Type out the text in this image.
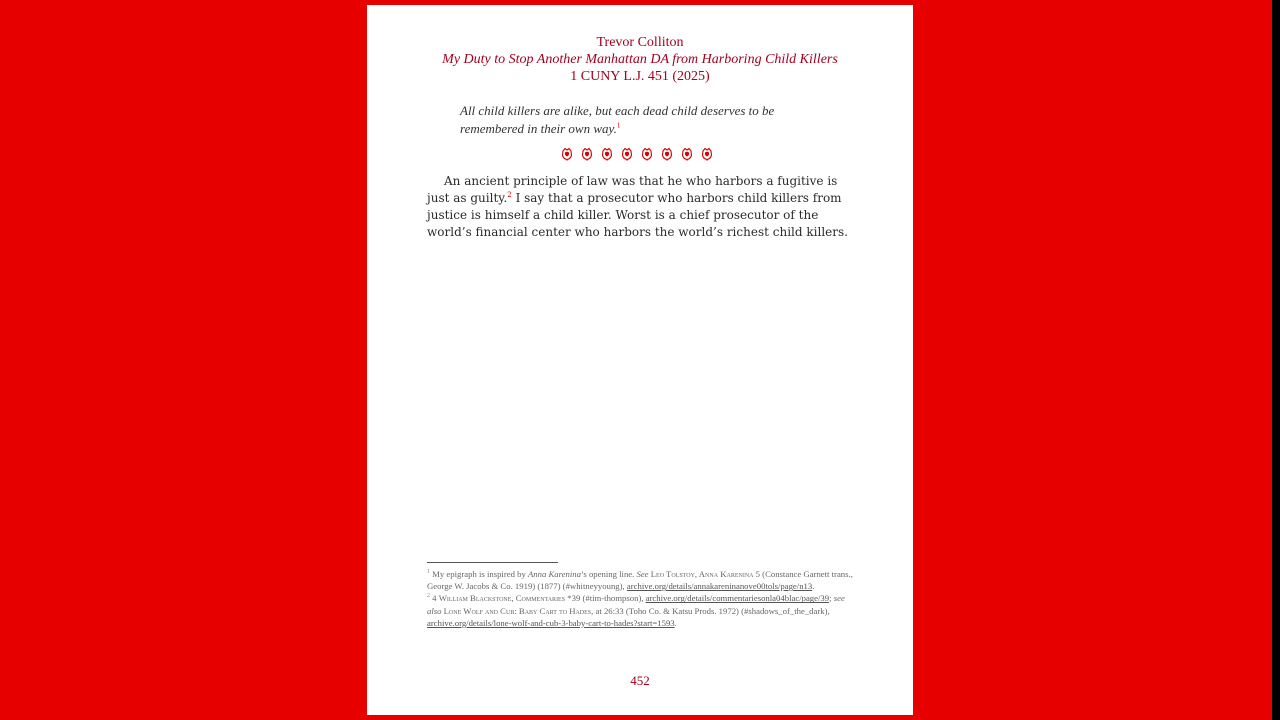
Trevor Colliton
My Duty to Stop Another Manhattan DA from Harboring Child Killers
1 CUNY L.J. 451 (2025)
All child killers are alike, but each dead child deserves to be
remembered in their own way.$^1$
An ancient principle of law was that he who harbors a fugitive is just as guilty.$^2$ I say that a prosecutor who harbors child killers from justice is himself a child killer. Worst is a chief prosecutor of the world’s financial center who harbors the world’s richest child killers.

$^1$ My epigraph is inspired by Anna Karenina’s opening line. See Leo Tolstoy, Anna Karenina 5 (Constance Garnett trans., George W. Jacobs & Co. 1919) (1877) (#whitneyyoung), archive.org/details/annakareninanove00tols/page/n13.

$^2$ 4 William Blackstone, Commentaries *39 (#tim-thompson), archive.org/details/commentariesonla04blac/page/39; see also Lone Wolf and Cub: Baby Cart to Hades, at 26:33 (Toho Co. & Katsu Prods. 1972) (#shadows_of_the_dark), archive.org/details/lone-wolf-and-cub-3-baby-cart-to-hades?start=1593.

452
